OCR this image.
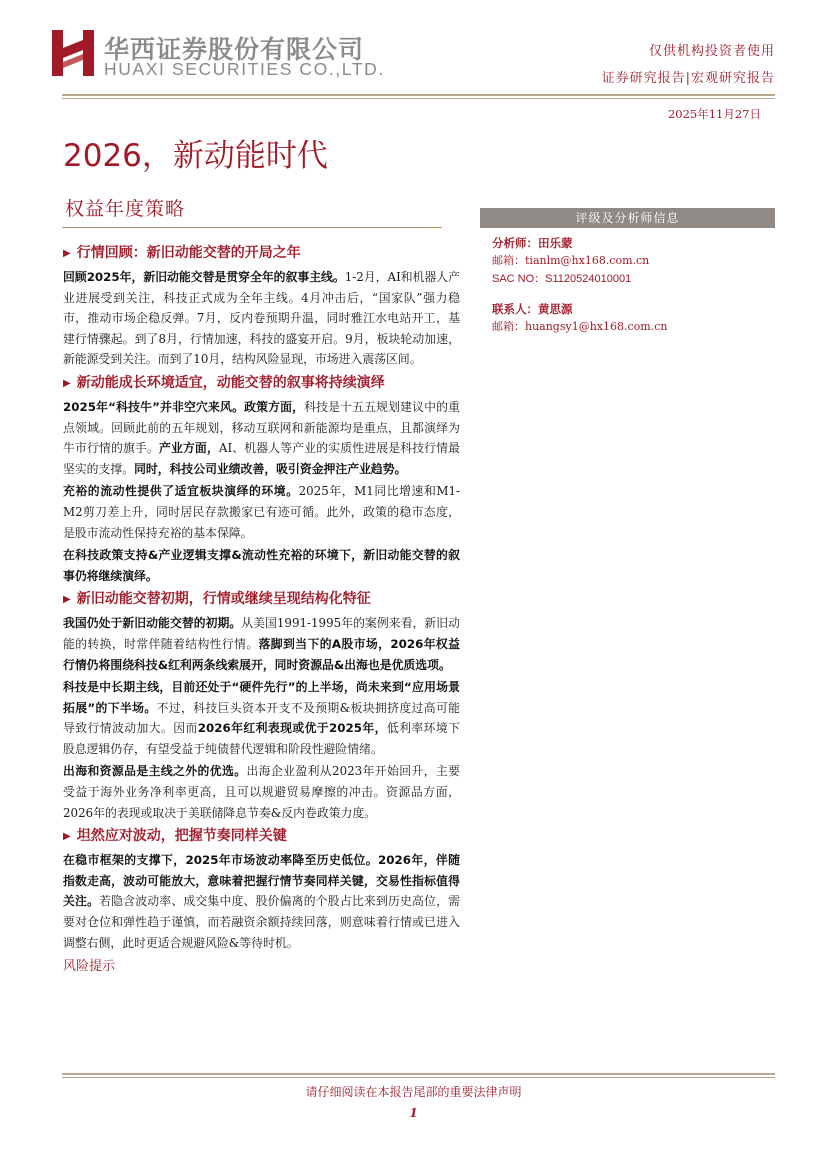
华西证券股份有限公司
HUAXI SECURITIES CO.,LTD.
仅供机构投资者使用
证券研究报告|宏观研究报告
2025年11月27日
2026，新动能时代
权益年度策略
▶ 行情回顾：新旧动能交替的开局之年
回顾2025年，新旧动能交替是贯穿全年的叙事主线。1-2月，AI和机器人产业进展受到关注，科技正式成为全年主线。4月冲击后，“国家队”强力稳市，推动市场企稳反弹。7月，反内卷预期升温，同时雅江水电站开工，基建行情骤起。到了8月，行情加速，科技的盛宴开启。9月，板块轮动加速，新能源受到关注。而到了10月，结构风险显现，市场进入震荡区间。
▶ 新动能成长环境适宜，动能交替的叙事将持续演绎
2025年“科技牛”并非空穴来风。政策方面，科技是十五五规划建议中的重点领域。回顾此前的五年规划，移动互联网和新能源均是重点，且都演绎为牛市行情的旗手。产业方面，AI、机器人等产业的实质性进展是科技行情最坚实的支撑。同时，科技公司业绩改善，吸引资金押注产业趋势。
充裕的流动性提供了适宜板块演绎的环境。2025年，M1同比增速和M1-M2剪刀差上升，同时居民存款搬家已有迹可循。此外，政策的稳市态度，是股市流动性保持充裕的基本保障。
在科技政策支持&产业逻辑支撑&流动性充裕的环境下，新旧动能交替的叙事仍将继续演绎。
▶ 新旧动能交替初期，行情或继续呈现结构化特征
我国仍处于新旧动能交替的初期。从美国1991-1995年的案例来看，新旧动能的转换，时常伴随着结构性行情。落脚到当下的A股市场，2026年权益行情仍将围绕科技&红利两条线索展开，同时资源品&出海也是优质选项。
科技是中长期主线，目前还处于“硬件先行”的上半场，尚未来到“应用场景拓展”的下半场。不过，科技巨头资本开支不及预期&板块拥挤度过高可能导致行情波动加大。因而2026年红利表现或优于2025年，低利率环境下股息逻辑仍存，有望受益于纯债替代逻辑和阶段性避险情绪。
出海和资源品是主线之外的优选。出海企业盈利从2023年开始回升，主要受益于海外业务净利率更高，且可以规避贸易摩擦的冲击。资源品方面，2026年的表现或取决于美联储降息节奏&反内卷政策力度。
▶ 坦然应对波动，把握节奏同样关键
在稳市框架的支撑下，2025年市场波动率降至历史低位。2026年，伴随指数走高，波动可能放大，意味着把握行情节奏同样关键，交易性指标值得关注。若隐含波动率、成交集中度、股价偏离的个股占比来到历史高位，需要对仓位和弹性趋于谨慎，而若融资余额持续回落，则意味着行情或已进入调整右侧，此时更适合规避风险&等待时机。
风险提示
评级及分析师信息
分析师：田乐蒙
邮箱：tianlm@hx168.com.cn
SAC NO：S1120524010001
联系人：黄思源
邮箱：huangsy1@hx168.com.cn
请仔细阅读在本报告尾部的重要法律声明
1
